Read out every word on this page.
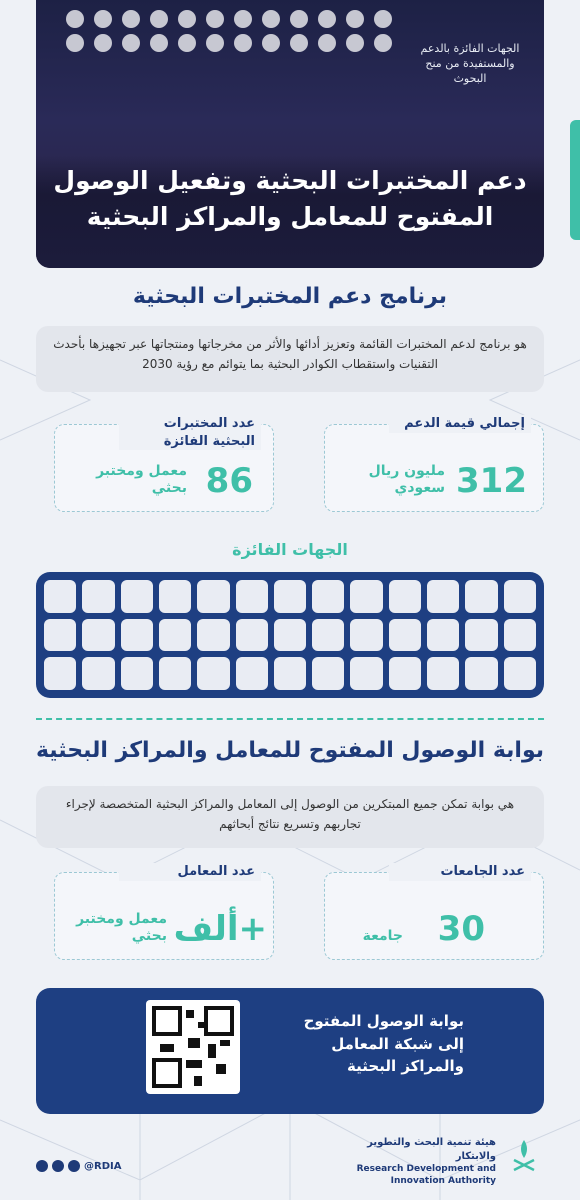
الجهات الفائزة بالدعم والمستفيدة من منح البحوث
دعم المختبرات البحثية وتفعيل الوصول
المفتوح للمعامل والمراكز البحثية
برنامج دعم المختبرات البحثية
هو برنامج لدعم المختبرات القائمة وتعزيز أدائها والأثر من مخرجاتها ومنتجاتها عبر تجهيزها بأحدث التقنيات واستقطاب الكوادر البحثية بما يتوائم مع رؤية 2030
إجمالي قيمة الدعم
312
مليون ريال سعودي
عدد المختبرات البحثية الفائزة
86
معمل ومختبر بحثي
الجهات الفائزة
بوابة الوصول المفتوح للمعامل والمراكز البحثية
هي بوابة تمكن جميع المبتكرين من الوصول إلى المعامل والمراكز البحثية المتخصصة لإجراء تجاربهم وتسريع نتائج أبحاثهم
عدد الجامعات
30
جامعة
عدد المعامل
+ألف
معمل ومختبر بحثي
بوابة الوصول المفتوح إلى شبكة المعامل والمراكز البحثية
هيئة تنمية البحث والتطوير والابتكار
Research Development and Innovation Authority
@RDIA
